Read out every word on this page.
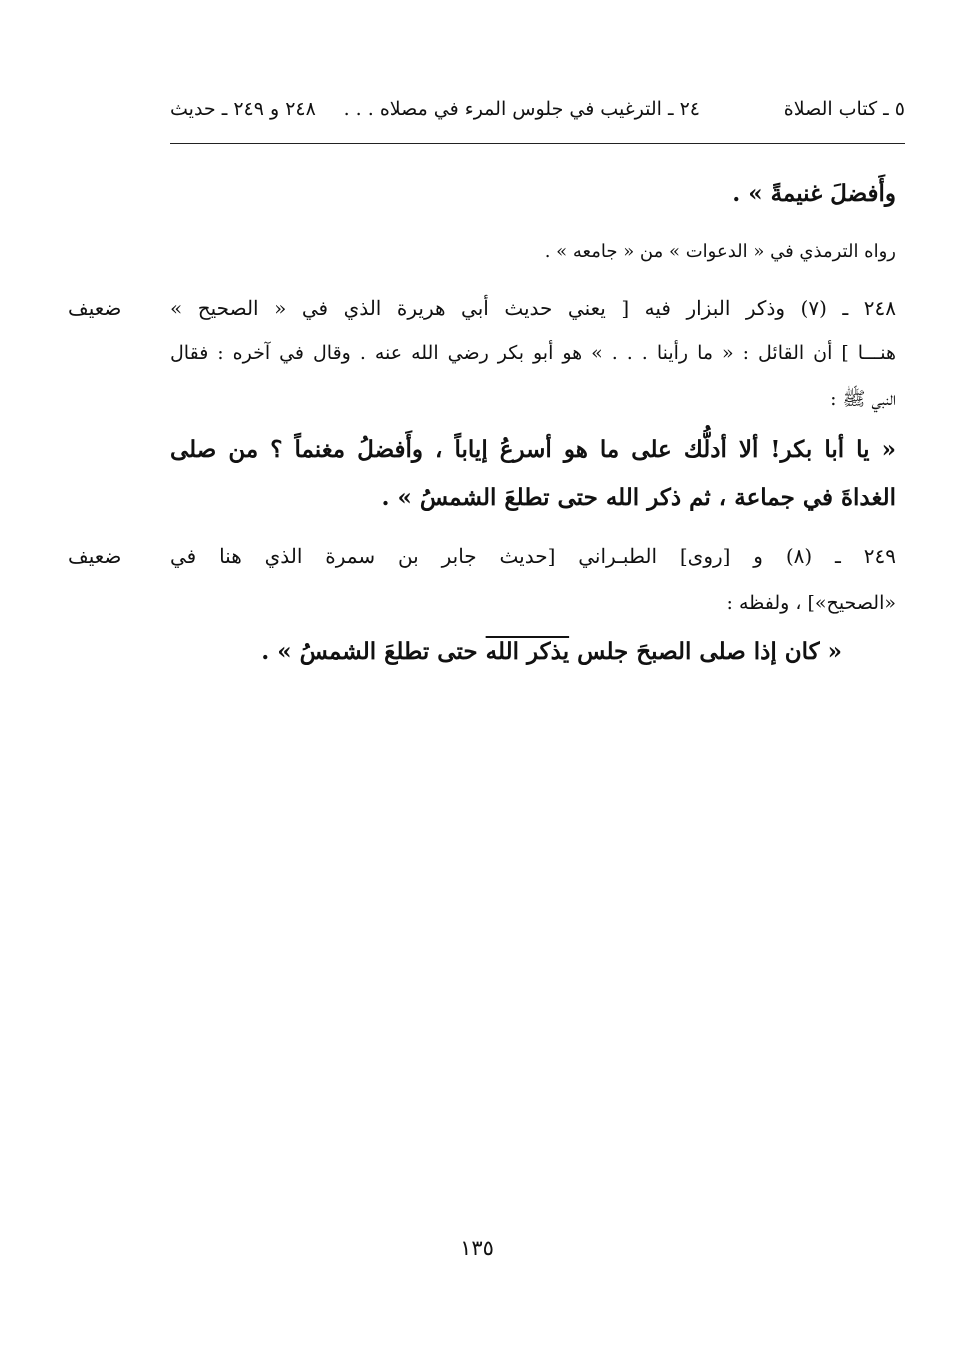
٥ ـ كتاب الصلاة
٢٤ ـ الترغيب في جلوس المرء في مصلاه . . .
٢٤٨ و ٢٤٩ ـ حديث
وأَفضلَ غنيمةً » .
رواه الترمذي في « الدعوات » من « جامعه » .
ضعيف ٢٤٨ ـ (٧) وذكر البزار فيه [ يعني حديث أبي هريرة الذي في « الصحيح »
هنـــا ] أن القائل : « ما رأينا . . . » هو أبو بكر رضي الله عنه . وقال في آخره : فقال
النبي ﷺ :
« يا أبا بكر! ألا أدلُّك على ما هو أسرعُ إياباً ، وأَفضلُ مغنماً ؟ من صلى
الغداةَ في جماعة ، ثم ذكر الله حتى تطلعَ الشمسُ » .
ضعيف ٢٤٩ ـ (٨) و [روى] الطبـراني [حديث جابر بن سمرة الذي هنا في
«الصحيح»] ، ولفظه :
« كان إذا صلى الصبحَ جلس يذكر الله حتى تطلعَ الشمسُ » .
١٣٥
